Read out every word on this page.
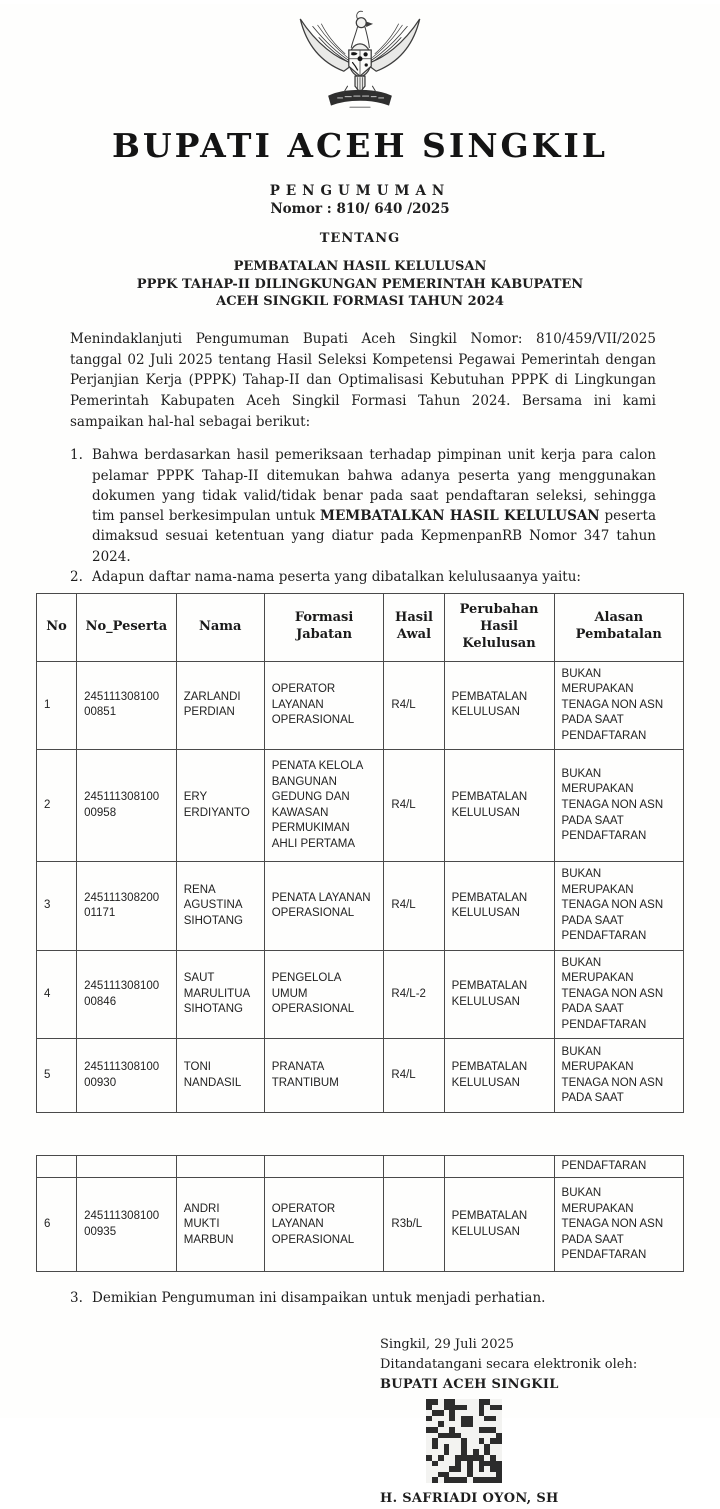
BUPATI ACEH SINGKIL
PENGUMUMAN
Nomor : 810/ 640 /2025
TENTANG
PEMBATALAN HASIL KELULUSAN
PPPK TAHAP-II DILINGKUNGAN PEMERINTAH KABUPATEN
ACEH SINGKIL FORMASI TAHUN 2024

Menindaklanjuti Pengumuman Bupati Aceh Singkil Nomor: 810/459/VII/2025 tanggal 02 Juli 2025 tentang Hasil Seleksi Kompetensi Pegawai Pemerintah dengan Perjanjian Kerja (PPPK) Tahap-II dan Optimalisasi Kebutuhan PPPK di Lingkungan Pemerintah Kabupaten Aceh Singkil Formasi Tahun 2024. Bersama ini kami sampaikan hal-hal sebagai berikut:

1. Bahwa berdasarkan hasil pemeriksaan terhadap pimpinan unit kerja para calon pelamar PPPK Tahap-II ditemukan bahwa adanya peserta yang menggunakan dokumen yang tidak valid/tidak benar pada saat pendaftaran seleksi, sehingga tim pansel berkesimpulan untuk MEMBATALKAN HASIL KELULUSAN peserta dimaksud sesuai ketentuan yang diatur pada KepmenpanRB Nomor 347 tahun 2024.
2. Adapun daftar nama-nama peserta yang dibatalkan kelulusaanya yaitu:
No	No_Peserta	Nama	Formasi Jabatan	Hasil Awal	Perubahan Hasil Kelulusan	Alasan Pembatalan
1	245111308100 00851	ZARLANDI PERDIAN	OPERATOR LAYANAN OPERASIONAL	R4/L	PEMBATALAN KELULUSAN	BUKAN MERUPAKAN TENAGA NON ASN PADA SAAT PENDAFTARAN
2	245111308100 00958	ERY ERDIYANTO	PENATA KELOLA BANGUNAN GEDUNG DAN KAWASAN PERMUKIMAN AHLI PERTAMA	R4/L	PEMBATALAN KELULUSAN	BUKAN MERUPAKAN TENAGA NON ASN PADA SAAT PENDAFTARAN
3	245111308200 01171	RENA AGUSTINA SIHOTANG	PENATA LAYANAN OPERASIONAL	R4/L	PEMBATALAN KELULUSAN	BUKAN MERUPAKAN TENAGA NON ASN PADA SAAT PENDAFTARAN
4	245111308100 00846	SAUT MARULITUA SIHOTANG	PENGELOLA UMUM OPERASIONAL	R4/L-2	PEMBATALAN KELULUSAN	BUKAN MERUPAKAN TENAGA NON ASN PADA SAAT PENDAFTARAN
5	245111308100 00930	TONI NANDASIL	PRANATA TRANTIBUM	R4/L	PEMBATALAN KELULUSAN	BUKAN MERUPAKAN TENAGA NON ASN PADA SAAT
						PENDAFTARAN
6	245111308100 00935	ANDRI MUKTI MARBUN	OPERATOR LAYANAN OPERASIONAL	R3b/L	PEMBATALAN KELULUSAN	BUKAN MERUPAKAN TENAGA NON ASN PADA SAAT PENDAFTARAN
3. Demikian Pengumuman ini disampaikan untuk menjadi perhatian.
Singkil, 29 Juli 2025
Ditandatangani secara elektronik oleh:
BUPATI ACEH SINGKIL
H. SAFRIADI OYON, SH
